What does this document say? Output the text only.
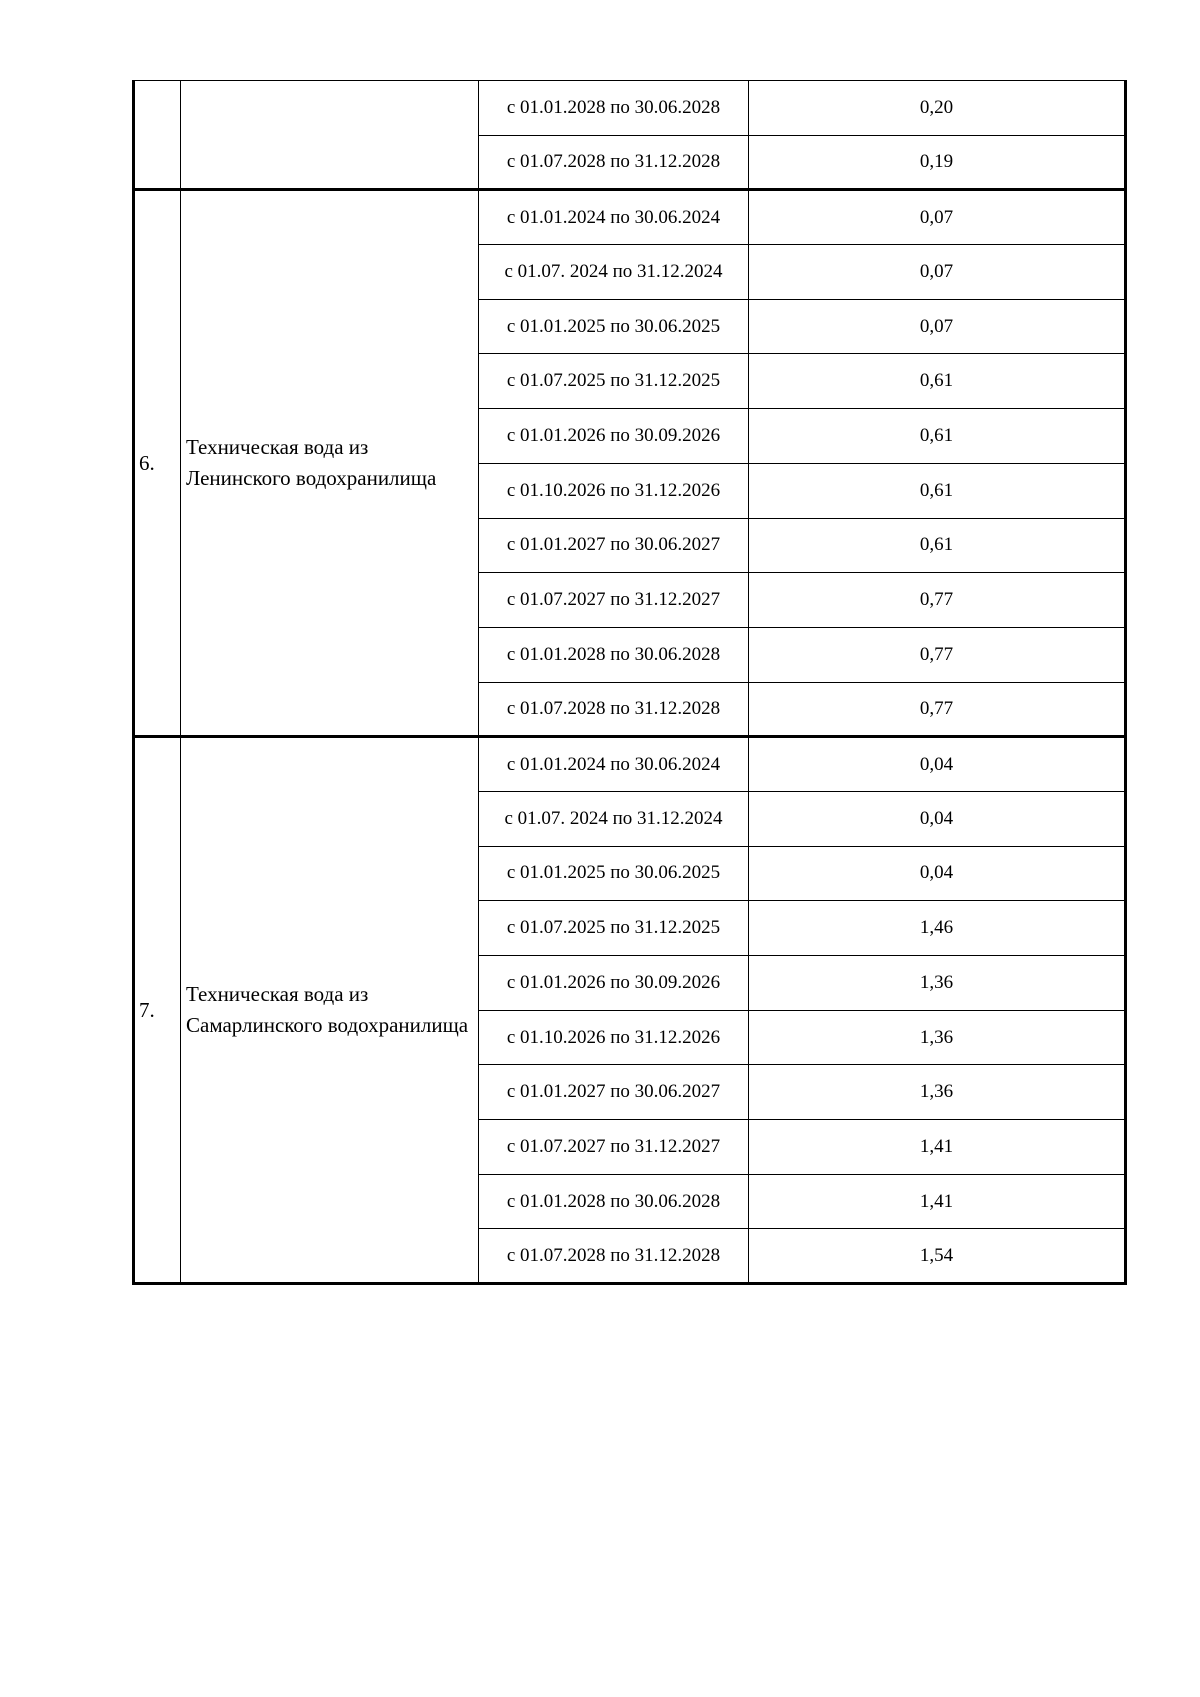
		с 01.01.2028 по 30.06.2028	0,20
		с 01.07.2028 по 31.12.2028	0,19
6.	Техническая вода из Ленинского водохранилища	с 01.01.2024 по 30.06.2024	0,07
		с 01.07. 2024 по 31.12.2024	0,07
		с 01.01.2025 по 30.06.2025	0,07
		с 01.07.2025 по 31.12.2025	0,61
		с 01.01.2026 по 30.09.2026	0,61
		с 01.10.2026 по 31.12.2026	0,61
		с 01.01.2027 по 30.06.2027	0,61
		с 01.07.2027 по 31.12.2027	0,77
		с 01.01.2028 по 30.06.2028	0,77
		с 01.07.2028 по 31.12.2028	0,77
7.	Техническая вода из Самарлинского водохранилища	с 01.01.2024 по 30.06.2024	0,04
		с 01.07. 2024 по 31.12.2024	0,04
		с 01.01.2025 по 30.06.2025	0,04
		с 01.07.2025 по 31.12.2025	1,46
		с 01.01.2026 по 30.09.2026	1,36
		с 01.10.2026 по 31.12.2026	1,36
		с 01.01.2027 по 30.06.2027	1,36
		с 01.07.2027 по 31.12.2027	1,41
		с 01.01.2028 по 30.06.2028	1,41
		с 01.07.2028 по 31.12.2028	1,54
